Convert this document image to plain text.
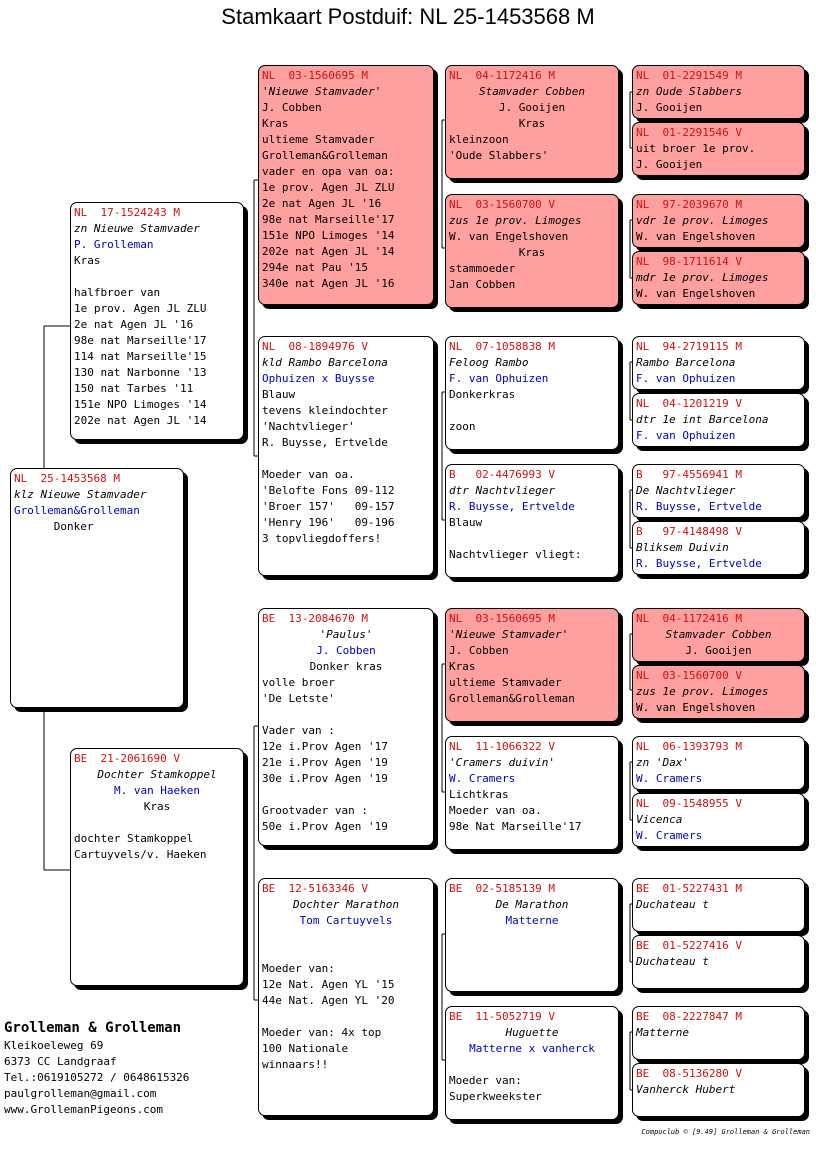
Stamkaart Postduif: NL 25-1453568 M
NL  25-1453568 M
klz Nieuwe Stamvader
Grolleman&Grolleman
Donker
NL  17-1524243 M
zn Nieuwe Stamvader
P. Grolleman
Kras
halfbroer van
1e prov. Agen JL ZLU
2e nat Agen JL '16
98e nat Marseille'17
114 nat Marseille'15
130 nat Narbonne '13
150 nat Tarbes '11
151e NPO Limoges '14
202e nat Agen JL '14
BE  21-2061690 V
Dochter Stamkoppel
M. van Haeken
Kras
dochter Stamkoppel
Cartuyvels/v. Haeken
NL  03-1560695 M
'Nieuwe Stamvader'
J. Cobben
Kras
ultieme Stamvader
Grolleman&Grolleman
vader en opa van oa:
1e prov. Agen JL ZLU
2e nat Agen JL '16
98e nat Marseille'17
151e NPO Limoges '14
202e nat Agen JL '14
294e nat Pau '15
340e nat Agen JL '16
NL  08-1894976 V
kld Rambo Barcelona
Ophuizen x Buysse
Blauw
tevens kleindochter
'Nachtvlieger'
R. Buysse, Ertvelde
Moeder van oa.
'Belofte Fons 09-112
'Broer 157'   09-157
'Henry 196'   09-196
3 topvliegdoffers!
BE  13-2084670 M
'Paulus'
J. Cobben
Donker kras
volle broer
'De Letste'
Vader van :
12e i.Prov Agen '17
21e i.Prov Agen '19
30e i.Prov Agen '19
Grootvader van :
50e i.Prov Agen '19
BE  12-5163346 V
Dochter Marathon
Tom Cartuyvels
Moeder van:
12e Nat. Agen YL '15
44e Nat. Agen YL '20
Moeder van: 4x top
100 Nationale
winnaars!!
NL  04-1172416 M
Stamvader Cobben
J. Gooijen
Kras
kleinzoon
'Oude Slabbers'
NL  03-1560700 V
zus 1e prov. Limoges
W. van Engelshoven
Kras
stammoeder
Jan Cobben
NL  07-1058838 M
Feloog Rambo
F. van Ophuizen
Donkerkras
zoon
B   02-4476993 V
dtr Nachtvlieger
R. Buysse, Ertvelde
Blauw
Nachtvlieger vliegt:
NL  03-1560695 M
'Nieuwe Stamvader'
J. Cobben
Kras
ultieme Stamvader
Grolleman&Grolleman
NL  11-1066322 V
'Cramers duivin'
W. Cramers
Lichtkras
Moeder van oa.
98e Nat Marseille'17
BE  02-5185139 M
De Marathon
Matterne
BE  11-5052719 V
Huguette
Matterne x vanherck
Moeder van:
Superkweekster
NL  01-2291549 M
zn Oude Slabbers
J. Gooijen
NL  01-2291546 V
uit broer 1e prov.
J. Gooijen
NL  97-2039670 M
vdr 1e prov. Limoges
W. van Engelshoven
NL  98-1711614 V
mdr 1e prov. Limoges
W. van Engelshoven
NL  94-2719115 M
Rambo Barcelona
F. van Ophuizen
NL  04-1201219 V
dtr 1e int Barcelona
F. van Ophuizen
B   97-4556941 M
De Nachtvlieger
R. Buysse, Ertvelde
B   97-4148498 V
Bliksem Duivin
R. Buysse, Ertvelde
NL  04-1172416 M
Stamvader Cobben
J. Gooijen
NL  03-1560700 V
zus 1e prov. Limoges
W. van Engelshoven
NL  06-1393793 M
zn 'Dax'
W. Cramers
NL  09-1548955 V
Vicenca
W. Cramers
BE  01-5227431 M
Duchateau t
BE  01-5227416 V
Duchateau t
BE  08-2227847 M
Matterne
BE  08-5136280 V
Vanherck Hubert
Grolleman & Grolleman
Kleikoeleweg 69
6373 CC Landgraaf
Tel.:0619105272 / 0648615326
paulgrolleman@gmail.com
www.GrollemanPigeons.com
Compuclub © [9.49] Grolleman & Grolleman
